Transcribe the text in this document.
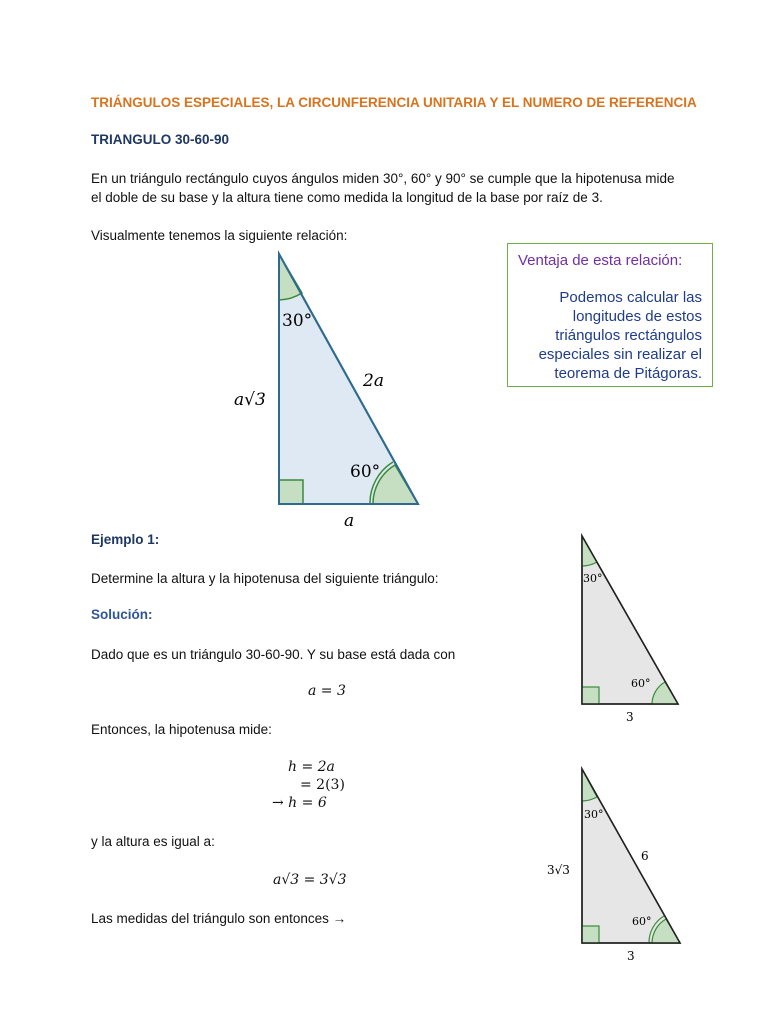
TRIÁNGULOS ESPECIALES, LA CIRCUNFERENCIA UNITARIA Y EL NUMERO DE REFERENCIA
TRIANGULO 30-60-90
En un triángulo rectángulo cuyos ángulos miden 30°, 60° y 90° se cumple que la hipotenusa mide
el doble de su base y la altura tiene como medida la longitud de la base por raíz de 3.
Visualmente tenemos la siguiente relación:
Ventaja de esta relación:
Podemos calcular las longitudes de estos triángulos rectángulos especiales sin realizar el teorema de Pitágoras.
30°
60°
2a
a√3
a
Ejemplo 1:
Determine la altura y la hipotenusa del siguiente triángulo:
Solución:
Dado que es un triángulo 30-60-90. Y su base está dada con
a = 3
Entonces, la hipotenusa mide:
h = 2a
= 2(3)
→ h = 6
y la altura es igual a:
a√3 = 3√3
Las medidas del triángulo son entonces →
30°
60°
3
30°
60°
6
3√3
3
